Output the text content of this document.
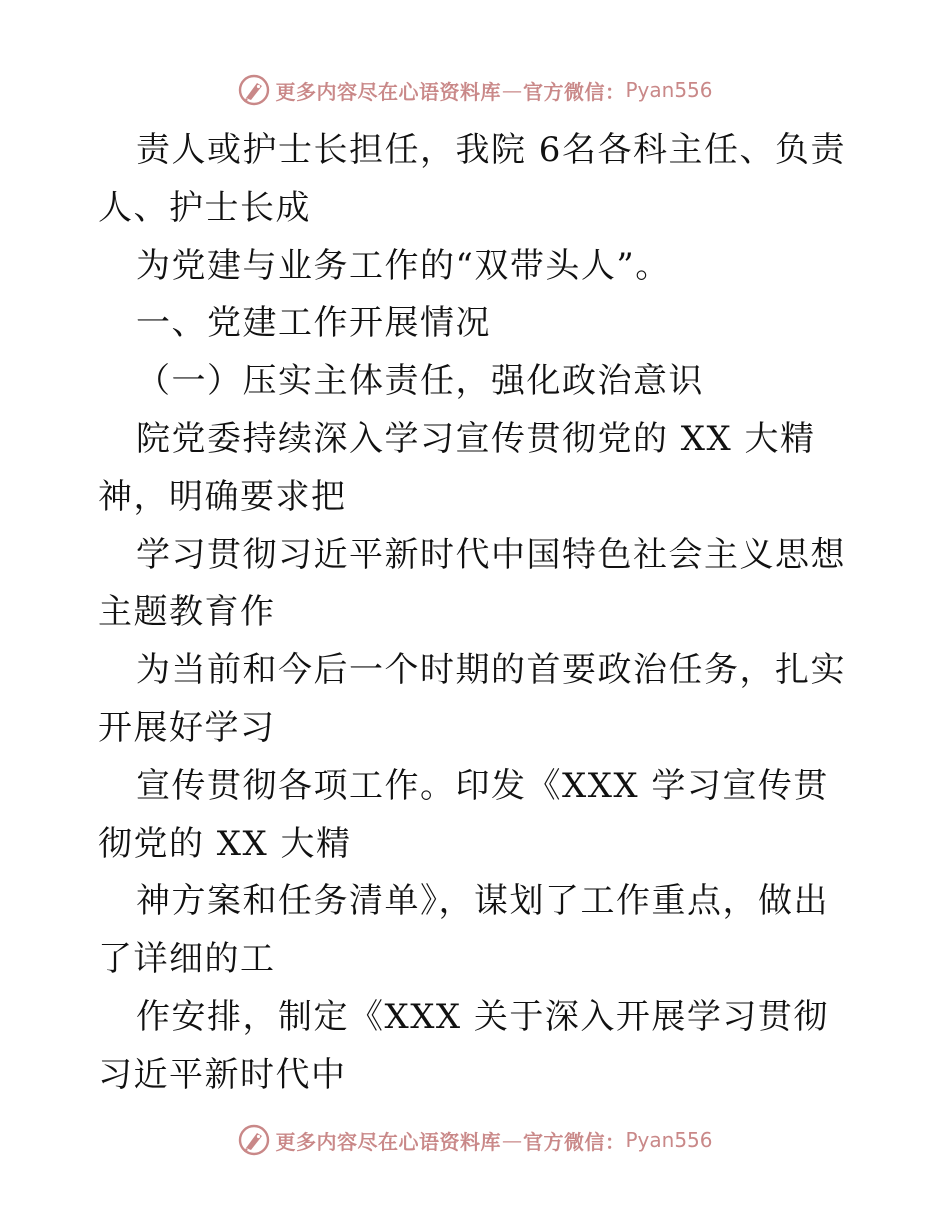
更多内容尽在心语资料库 — 官方微信： Pyan556

责人或护士长担任，我院 6名各科主任、负责人、护士长成

为党建与业务工作的“双带头人”。

一、党建工作开展情况

（一）压实主体责任，强化政治意识

院党委持续深入学习宣传贯彻党的 XX 大精神，明确要求把

学习贯彻习近平新时代中国特色社会主义思想主题教育作

为当前和今后一个时期的首要政治任务，扎实开展好学习

宣传贯彻各项工作。印发《XXX 学习宣传贯彻党的 XX 大精

神方案和任务清单》，谋划了工作重点，做出了详细的工

作安排，制定《XXX 关于深入开展学习贯彻习近平新时代中

更多内容尽在心语资料库 — 官方微信： Pyan556
